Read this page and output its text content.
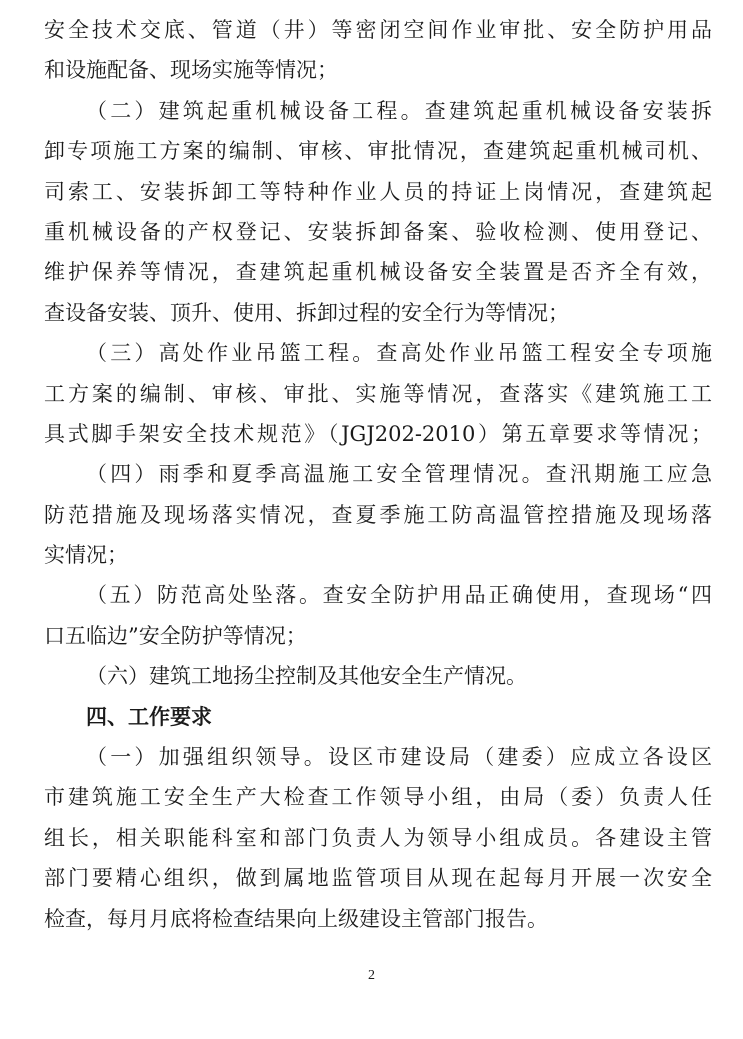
安全技术交底、管道（井）等密闭空间作业审批、安全防护用品
和设施配备、现场实施等情况；
（二）建筑起重机械设备工程。查建筑起重机械设备安装拆
卸专项施工方案的编制、审核、审批情况，查建筑起重机械司机、
司索工、安装拆卸工等特种作业人员的持证上岗情况，查建筑起
重机械设备的产权登记、安装拆卸备案、验收检测、使用登记、
维护保养等情况，查建筑起重机械设备安全装置是否齐全有效，
查设备安装、顶升、使用、拆卸过程的安全行为等情况；
（三）高处作业吊篮工程。查高处作业吊篮工程安全专项施
工方案的编制、审核、审批、实施等情况，查落实《建筑施工工
具式脚手架安全技术规范》（JGJ202-2010）第五章要求等情况；
（四）雨季和夏季高温施工安全管理情况。查汛期施工应急
防范措施及现场落实情况，查夏季施工防高温管控措施及现场落
实情况；
（五）防范高处坠落。查安全防护用品正确使用，查现场“四
口五临边”安全防护等情况；
（六）建筑工地扬尘控制及其他安全生产情况。
四、工作要求
（一）加强组织领导。设区市建设局（建委）应成立各设区
市建筑施工安全生产大检查工作领导小组，由局（委）负责人任
组长，相关职能科室和部门负责人为领导小组成员。各建设主管
部门要精心组织，做到属地监管项目从现在起每月开展一次安全
检查，每月月底将检查结果向上级建设主管部门报告。
2
